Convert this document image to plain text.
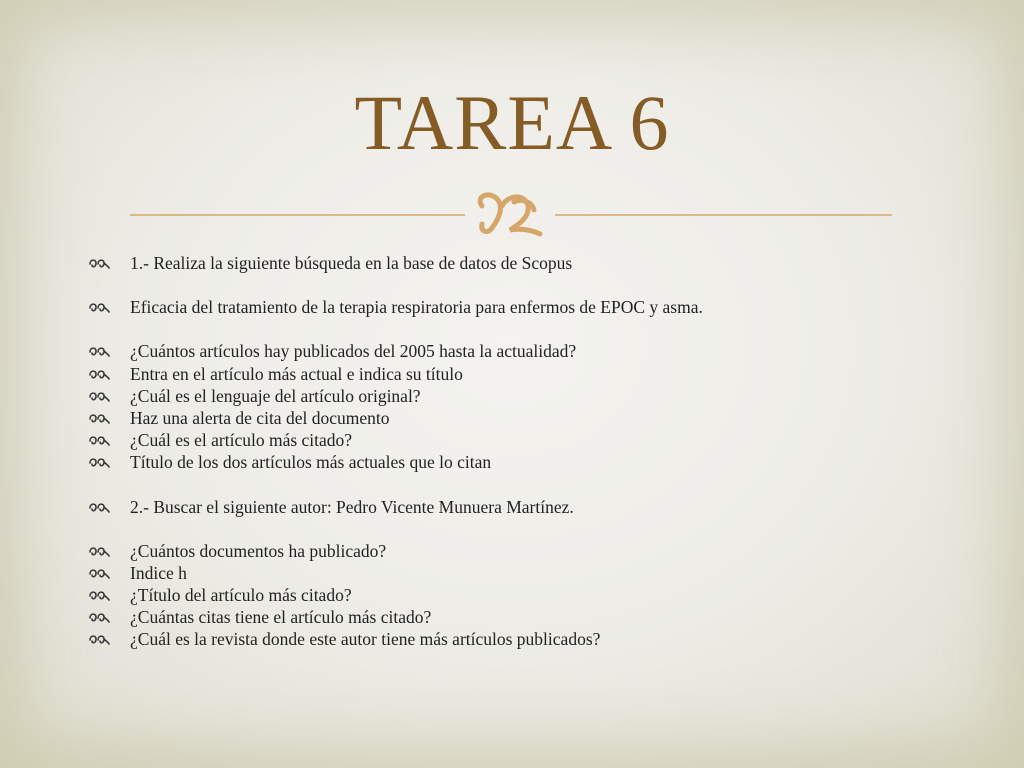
TAREA 6
1.- Realiza la siguiente búsqueda en la base de datos de Scopus
Eficacia del tratamiento de la terapia respiratoria para enfermos de EPOC y asma.
¿Cuántos artículos hay publicados del 2005 hasta la actualidad?
Entra en el artículo más actual e indica su título
¿Cuál es el lenguaje del artículo original?
Haz una alerta de cita del documento
¿Cuál es el artículo más citado?
Título de los dos artículos más actuales que lo citan
2.- Buscar el siguiente autor: Pedro Vicente Munuera Martínez.
¿Cuántos documentos ha publicado?
Indice h
¿Título del artículo más citado?
¿Cuántas citas tiene el artículo más citado?
¿Cuál es la revista donde este autor tiene más artículos publicados?
